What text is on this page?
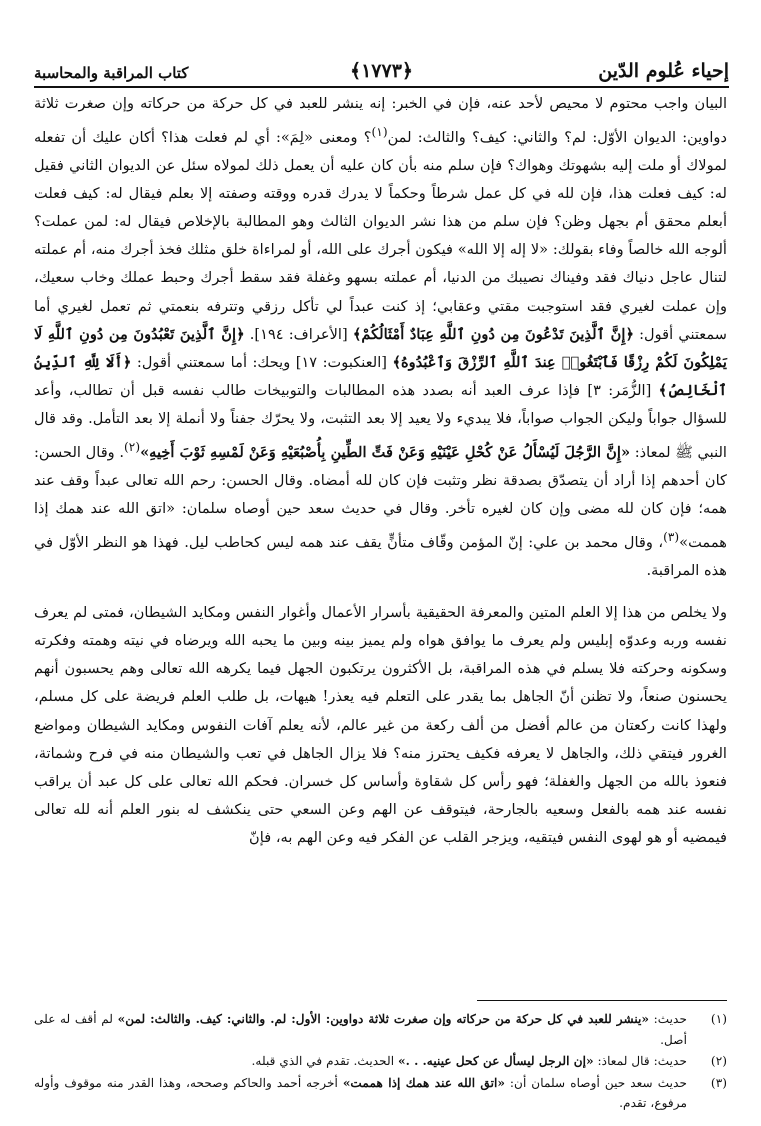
إحياء عُلوم الدّين
﴿١٧٧٣﴾
كتاب المراقبة والمحاسبة

البيان واجب محتوم لا محيص لأحد عنه، فإن في الخبر: إنه ينشر للعبد في كل حركة من حركاته وإن صغرت ثلاثة دواوين: الديوان الأوّل: لم؟ والثاني: كيف؟ والثالث: لمن$^{(١)}$؟ ومعنى «لِمَ»: أي لم فعلت هذا؟ أكان عليك أن تفعله لمولاك أو ملت إليه بشهوتك وهواك؟ فإن سلم منه بأن كان عليه أن يعمل ذلك لمولاه سئل عن الديوان الثاني فقيل له: كيف فعلت هذا، فإن لله في كل عمل شرطاً وحكماً لا يدرك قدره ووقته وصفته إلا بعلم فيقال له: كيف فعلت أبعلم محقق أم بجهل وظن؟ فإن سلم من هذا نشر الديوان الثالث وهو المطالبة بالإخلاص فيقال له: لمن عملت؟ ألوجه الله خالصاً وفاء بقولك: «لا إله إلا الله» فيكون أجرك على الله، أو لمراءاة خلق مثلك فخذ أجرك منه، أم عملته لتنال عاجل دنياك فقد وفيناك نصيبك من الدنيا، أم عملته بسهو وغفلة فقد سقط أجرك وحبط عملك وخاب سعيك، وإن عملت لغيري فقد استوجبت مقتي وعقابي؛ إذ كنت عبداً لي تأكل رزقي وتترفه بنعمتي ثم تعمل لغيري أما سمعتني أقول: ﴿إِنَّ ٱلَّذِينَ تَدْعُونَ مِن دُونِ ٱللَّهِ عِبَادٌ أَمْثَالُكُمْ﴾ [الأعراف: ١٩٤]. ﴿إِنَّ ٱلَّذِينَ تَعْبُدُونَ مِن دُونِ ٱللَّهِ لَا يَمْلِكُونَ لَكُمْ رِزْقًا فَٱبْتَغُوا۟ عِندَ ٱللَّهِ ٱلرِّزْقَ وَٱعْبُدُوهُ﴾ [العنكبوت: ١٧] ويحك: أما سمعتني أقول: ﴿أَلَا لِلَّهِ ٱلدِّينُ ٱلْخَالِصُ﴾ [الزُّمَر: ٣] فإذا عرف العبد أنه بصدد هذه المطالبات والتوبيخات طالب نفسه قبل أن تطالب، وأعد للسؤال جواباً وليكن الجواب صواباً، فلا يبديء ولا يعيد إلا بعد التثبت، ولا يحرّك جفناً ولا أنملة إلا بعد التأمل. وقد قال النبي ﷺ لمعاذ: «إِنَّ الرَّجُلَ لَيُسْأَلُ عَنْ كُحْلِ عَيْنَيْهِ وَعَنْ فَتِّ الطِّينِ بِأُصْبُعَيْهِ وَعَنْ لَمْسِهِ ثَوْبَ أَخِيهِ»$^{(٢)}$. وقال الحسن: كان أحدهم إذا أراد أن يتصدّق بصدقة نظر وتثبت فإن كان لله أمضاه. وقال الحسن: رحم الله تعالى عبداً وقف عند همه؛ فإن كان لله مضى وإن كان لغيره تأخر. وقال في حديث سعد حين أوصاه سلمان: «اتق الله عند همك إذا هممت»$^{(٣)}$، وقال محمد بن علي: إنّ المؤمن وقّاف متأنٍّ يقف عند همه ليس كحاطب ليل. فهذا هو النظر الأوّل في هذه المراقبة.

ولا يخلص من هذا إلا العلم المتين والمعرفة الحقيقية بأسرار الأعمال وأغوار النفس ومكايد الشيطان، فمتى لم يعرف نفسه وربه وعدوّه إبليس ولم يعرف ما يوافق هواه ولم يميز بينه وبين ما يحبه الله ويرضاه في نيته وهمته وفكرته وسكونه وحركته فلا يسلم في هذه المراقبة، بل الأكثرون يرتكبون الجهل فيما يكرهه الله تعالى وهم يحسبون أنهم يحسنون صنعاً، ولا تظنن أنّ الجاهل بما يقدر على التعلم فيه يعذر! هيهات، بل طلب العلم فريضة على كل مسلم، ولهذا كانت ركعتان من عالم أفضل من ألف ركعة من غير عالم، لأنه يعلم آفات النفوس ومكايد الشيطان ومواضع الغرور فيتقي ذلك، والجاهل لا يعرفه فكيف يحترز منه؟ فلا يزال الجاهل في تعب والشيطان منه في فرح وشماتة، فنعوذ بالله من الجهل والغفلة؛ فهو رأس كل شقاوة وأساس كل خسران. فحكم الله تعالى على كل عبد أن يراقب نفسه عند همه بالفعل وسعيه بالجارحة، فيتوقف عن الهم وعن السعي حتى ينكشف له بنور العلم أنه لله تعالى فيمضيه أو هو لهوى النفس فيتقيه، ويزجر القلب عن الفكر فيه وعن الهم به، فإنّ

(١)
حديث: «ينشر للعبد في كل حركة من حركاته وإن صغرت ثلاثة دواوين: الأول: لم. والثاني: كيف. والثالث: لمن» لم أقف له على أصل.
(٢)
حديث: قال لمعاذ: «إن الرجل ليسأل عن كحل عينيه. . .» الحديث. تقدم في الذي قبله.
(٣)
حديث سعد حين أوصاه سلمان أن: «اتق الله عند همك إذا هممت» أخرجه أحمد والحاكم وصححه، وهذا القدر منه موقوف وأوله مرفوع، تقدم.
